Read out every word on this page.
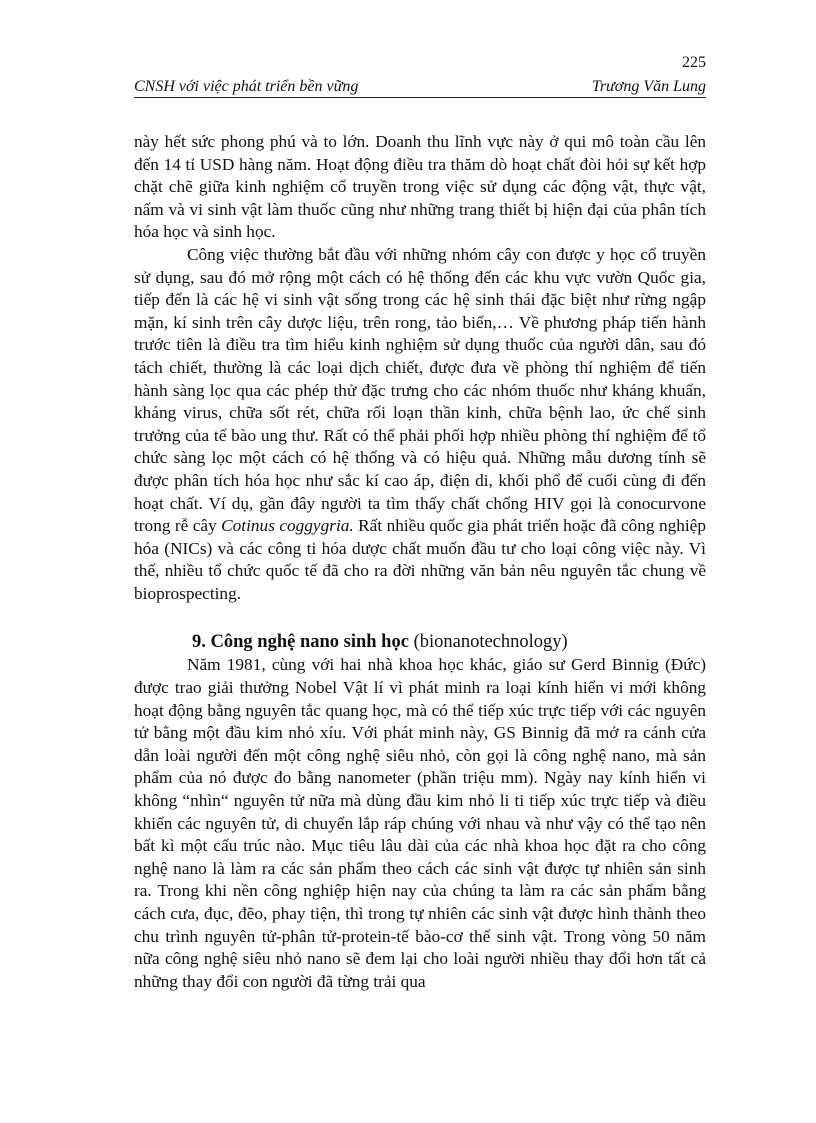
225
CNSH với việc phát triển bền vững	Trương Văn Lung

này hết sức phong phú và to lớn. Doanh thu lĩnh vực này ở qui mô toàn cầu lên đến 14 tỉ USD hàng năm. Hoạt động điều tra thăm dò hoạt chất đòi hỏi sự kết hợp chặt chẽ giữa kinh nghiệm cổ truyền trong việc sử dụng các động vật, thực vật, nấm và vi sinh vật làm thuốc cũng như những trang thiết bị hiện đại của phân tích hóa học và sinh học.

Công việc thường bắt đầu với những nhóm cây con được y học cổ truyền sử dụng, sau đó mở rộng một cách có hệ thống đến các khu vực vườn Quốc gia, tiếp đến là các hệ vi sinh vật sống trong các hệ sinh thái đặc biệt như rừng ngập mặn, kí sinh trên cây dược liệu, trên rong, tảo biển,… Về phương pháp tiến hành trước tiên là điều tra tìm hiểu kinh nghiệm sử dụng thuốc của người dân, sau đó tách chiết, thường là các loại dịch chiết, được đưa về phòng thí nghiệm để tiến hành sàng lọc qua các phép thử đặc trưng cho các nhóm thuốc như kháng khuẩn, kháng virus, chữa sốt rét, chữa rối loạn thần kinh, chữa bệnh lao, ức chế sinh trưởng của tế bào ung thư. Rất có thể phải phối hợp nhiều phòng thí nghiệm để tổ chức sàng lọc một cách có hệ thống và có hiệu quả. Những mẫu dương tính sẽ được phân tích hóa học như sắc kí cao áp, điện di, khối phổ để cuối cùng đi đến hoạt chất. Ví dụ, gần đây người ta tìm thấy chất chống HIV gọi là conocurvone trong rễ cây Cotinus coggygria. Rất nhiều quốc gia phát triển hoặc đã công nghiệp hóa (NICs) và các công ti hóa dược chất muốn đầu tư cho loại công việc này. Vì thế, nhiều tổ chức quốc tế đã cho ra đời những văn bản nêu nguyên tắc chung về bioprospecting.

9. Công nghệ nano sinh học (bionanotechnology)

Năm 1981, cùng với hai nhà khoa học khác, giáo sư Gerd Binnig (Đức) được trao giải thưởng Nobel Vật lí vì phát minh ra loại kính hiển vi mới không hoạt động bằng nguyên tắc quang học, mà có thể tiếp xúc trực tiếp với các nguyên tử bằng một đầu kim nhỏ xíu. Với phát minh này, GS Binnig đã mở ra cánh cửa dẫn loài người đến một công nghệ siêu nhỏ, còn gọi là công nghệ nano, mà sản phẩm của nó được đo bằng nanometer (phần triệu mm). Ngày nay kính hiển vi không “nhìn“ nguyên tử nữa mà dùng đầu kim nhỏ li ti tiếp xúc trực tiếp và điều khiển các nguyên tử, di chuyển lắp ráp chúng với nhau và như vậy có thể tạo nên bất kì một cấu trúc nào. Mục tiêu lâu dài của các nhà khoa học đặt ra cho công nghệ nano là làm ra các sản phẩm theo cách các sinh vật được tự nhiên sản sinh ra. Trong khi nền công nghiệp hiện nay của chúng ta làm ra các sản phẩm bằng cách cưa, đục, đẽo, phay tiện, thì trong tự nhiên các sinh vật được hình thành theo chu trình nguyên tử-phân tử-protein-tế bào-cơ thể sinh vật. Trong vòng 50 năm nữa công nghệ siêu nhỏ nano sẽ đem lại cho loài người nhiều thay đổi hơn tất cả những thay đổi con người đã từng trải qua
